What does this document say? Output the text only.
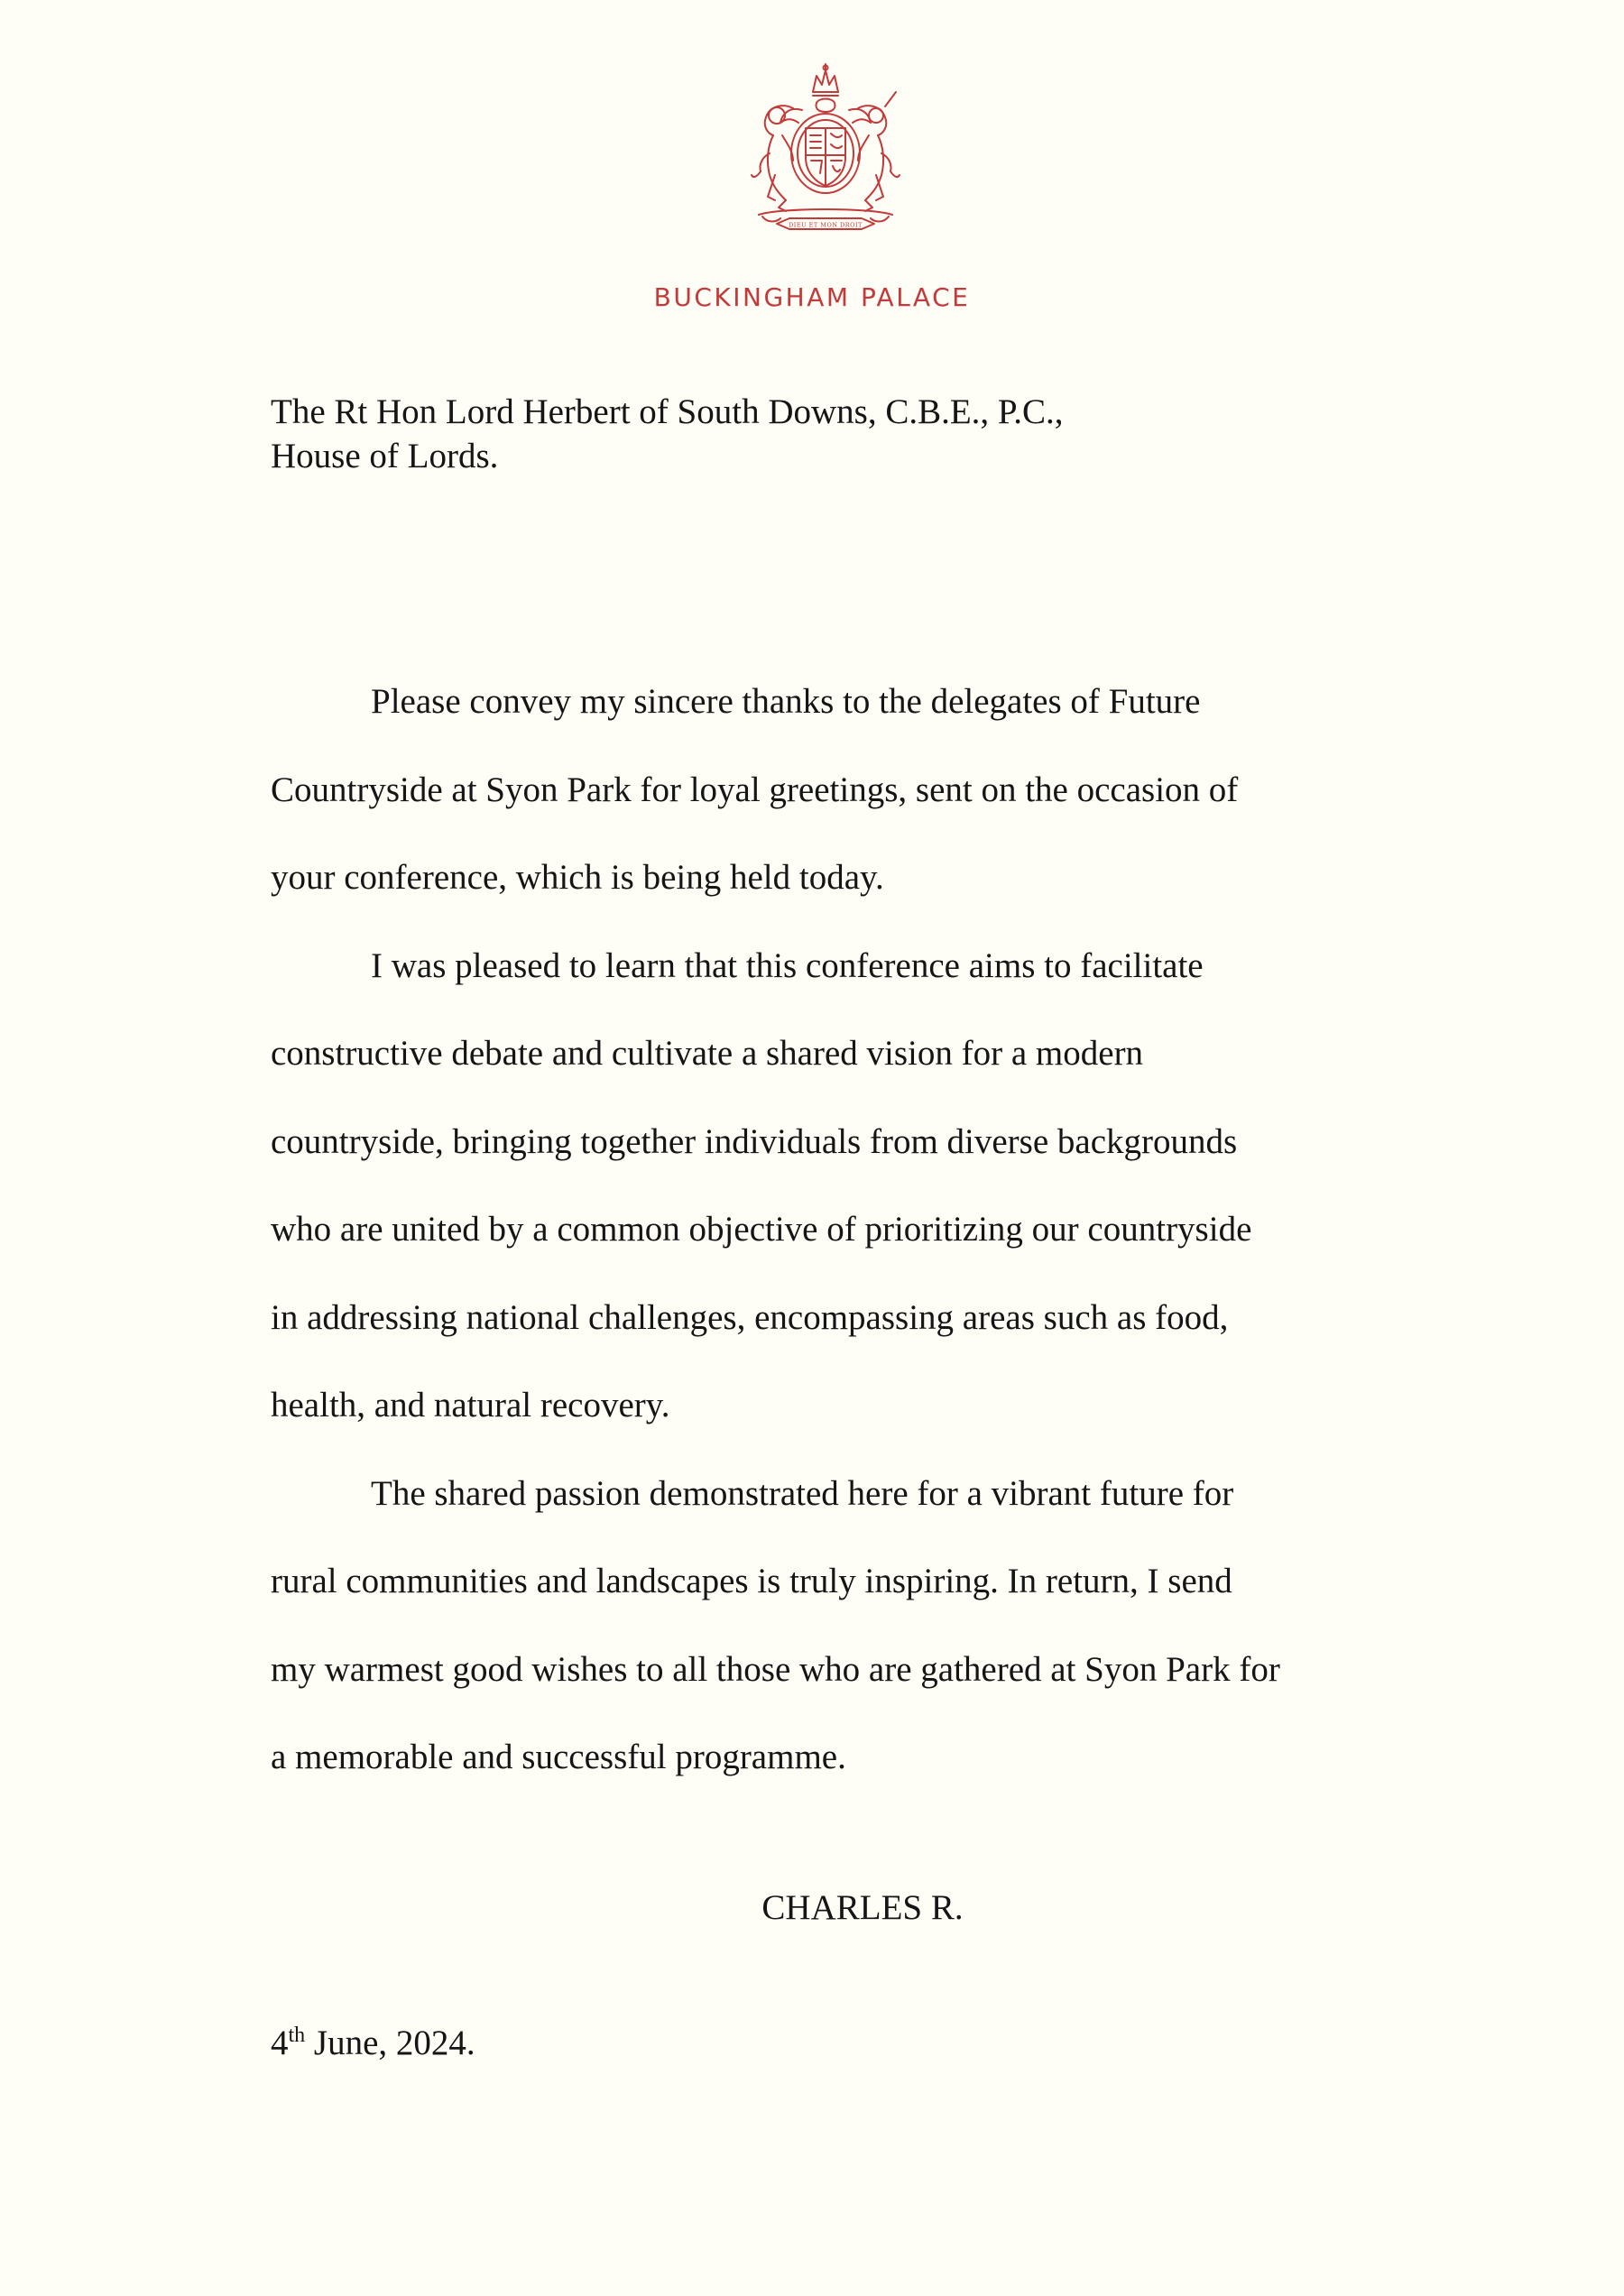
DIEU ET MON DROIT
BUCKINGHAM PALACE
The Rt Hon Lord Herbert of South Downs, C.B.E., P.C.,
House of Lords.
Please convey my sincere thanks to the delegates of Future
Countryside at Syon Park for loyal greetings, sent on the occasion of
your conference, which is being held today.
I was pleased to learn that this conference aims to facilitate
constructive debate and cultivate a shared vision for a modern
countryside, bringing together individuals from diverse backgrounds
who are united by a common objective of prioritizing our countryside
in addressing national challenges, encompassing areas such as food,
health, and natural recovery.
The shared passion demonstrated here for a vibrant future for
rural communities and landscapes is truly inspiring. In return, I send
my warmest good wishes to all those who are gathered at Syon Park for
a memorable and successful programme.
CHARLES R.
4th June, 2024.
